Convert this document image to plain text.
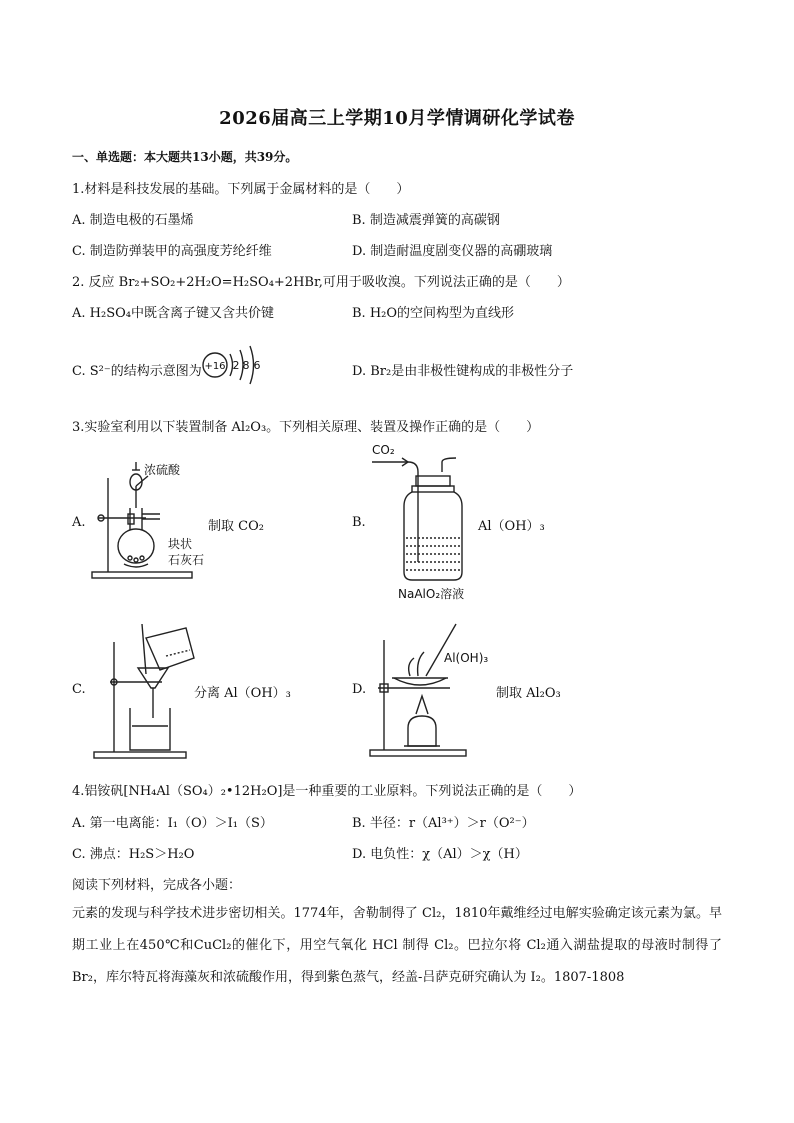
2026届高三上学期10月学情调研化学试卷
一、单选题：本大题共13小题，共39分。
1.材料是科技发展的基础。下列属于金属材料的是（　　）
A. 制造电极的石墨烯	B. 制造减震弹簧的高碳钢
C. 制造防弹装甲的高强度芳纶纤维	D. 制造耐温度剧变仪器的高硼玻璃
2. 反应 Br₂+SO₂+2H₂O=H₂SO₄+2HBr,可用于吸收溴。下列说法正确的是（　　）
A. H₂SO₄中既含离子键又含共价键	B. H₂O的空间构型为直线形
C. S²⁻的结构示意图为 +16 2 8 6	D. Br₂是由非极性键构成的非极性分子
3.实验室利用以下装置制备 Al₂O₃。下列相关原理、装置及操作正确的是（　　）
A.
浓硫酸
块状
石灰石
制取 CO₂	B.
CO₂
NaAlO₂溶液
Al（OH）₃
C.	分离 Al（OH）₃	D.
Al(OH)₃
制取 Al₂O₃
4.铝铵矾[NH₄Al（SO₄）₂•12H₂O]是一种重要的工业原料。下列说法正确的是（　　）
A. 第一电离能：I₁（O）＞I₁（S）	B. 半径：r（Al³⁺）＞r（O²⁻）
C. 沸点：H₂S＞H₂O	D. 电负性：χ（Al）＞χ（H）
阅读下列材料，完成各小题：
元素的发现与科学技术进步密切相关。1774年，舍勒制得了 Cl₂，1810年戴维经过电解实验确定该元素为氯。早期工业上在450℃和CuCl₂的催化下，用空气氧化 HCl 制得 Cl₂。巴拉尔将 Cl₂通入湖盐提取的母液时制得了 Br₂，库尔特瓦将海藻灰和浓硫酸作用，得到紫色蒸气，经盖-吕萨克研究确认为 I₂。1807-1808
